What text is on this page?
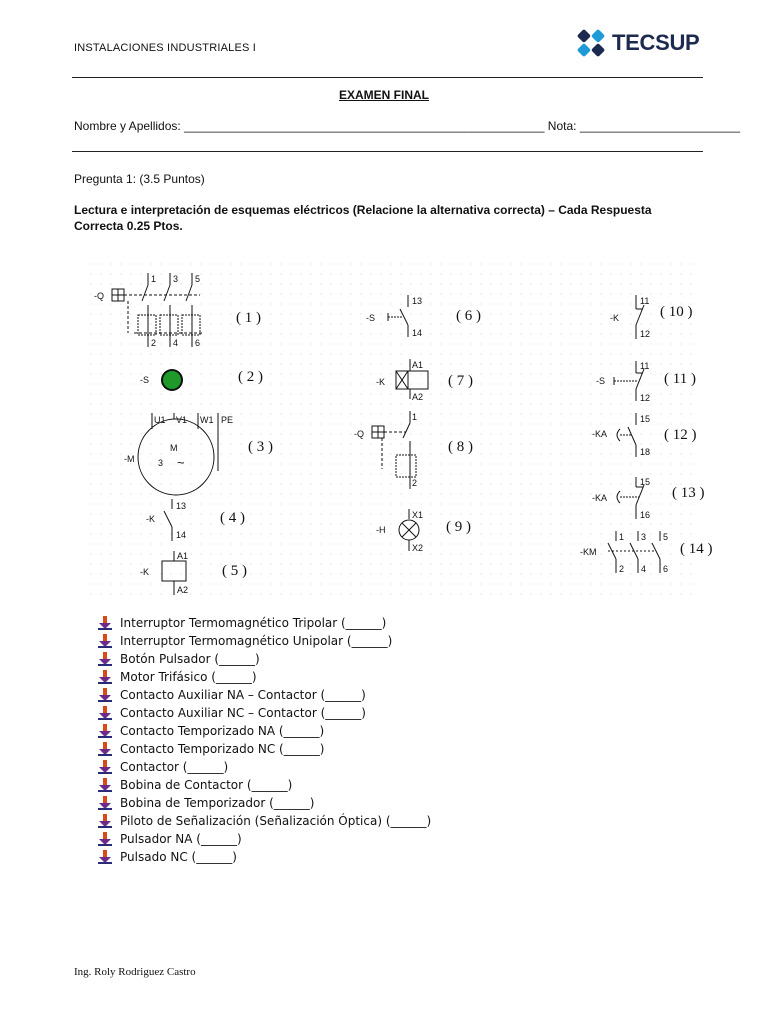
INSTALACIONES INDUSTRIALES I	TECSUP
EXAMEN FINAL
Nombre y Apellidos: ______________________________________________________ Nota: ________________________
Pregunta 1: (3.5 Puntos)
Lectura e interpretación de esquemas eléctricos (Relacione la alternativa correcta) – Cada Respuesta Correcta 0.25 Ptos.
-Q
1 3 5
2 4 6
( 1 )
-S	( 2 )
-M
U1 V1 W1 PE
M
3 ~
( 3 )
-K
13
14
( 4 )
-K
A1
A2
( 5 )
-S
13
14
( 6 )
-K
A1
A2
( 7 )
-Q
1
2
( 8 )
-H
X1
X2
( 9 )
-K
11
12
( 10 )
-S
11
12
( 11 )
-KA
15
18
( 12 )
-KA
15
16
( 13 )
-KM
1 3 5
2 4 6
( 14 )
Interruptor Termomagnético Tripolar (______)
Interruptor Termomagnético Unipolar (______)
Botón Pulsador (______)
Motor Trifásico (______)
Contacto Auxiliar NA – Contactor (______)
Contacto Auxiliar NC – Contactor (______)
Contacto Temporizado NA (______)
Contacto Temporizado NC (______)
Contactor (______)
Bobina de Contactor (______)
Bobina de Temporizador (______)
Piloto de Señalización (Señalización Óptica) (______)
Pulsador NA (______)
Pulsado NC (______)
Ing. Roly Rodriguez Castro
